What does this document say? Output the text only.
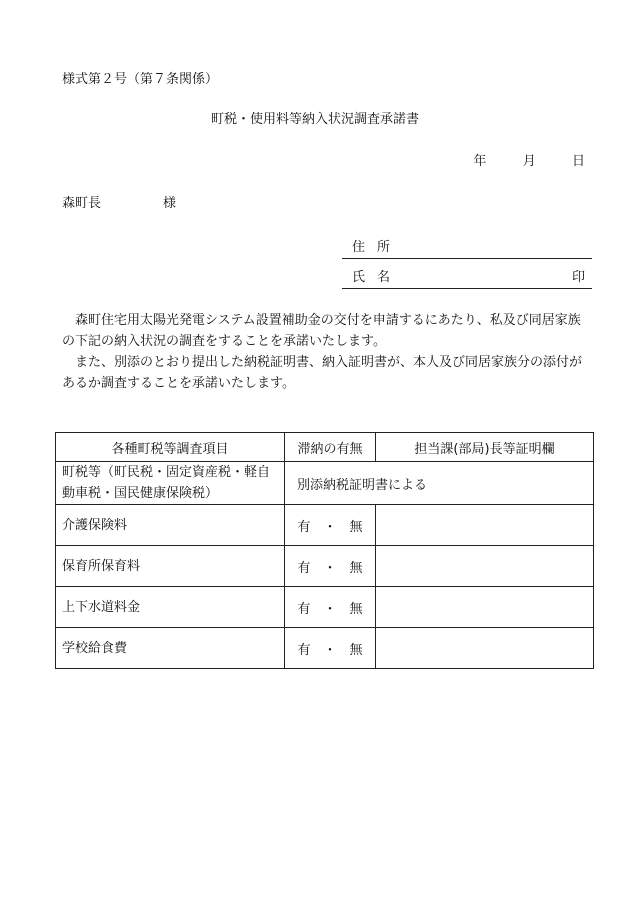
様式第２号（第７条関係）
町税・使用料等納入状況調査承諾書
年	月	日
森町長	様
住所
氏名	印
森町住宅用太陽光発電システム設置補助金の交付を申請するにあたり、私及び同居家族の下記の納入状況の調査をすることを承諾いたします。
また、別添のとおり提出した納税証明書、納入証明書が、本人及び同居家族分の添付があるか調査することを承諾いたします。
各種町税等調査項目	滞納の有無	担当課(部局)長等証明欄
町税等（町民税・固定資産税・軽自動車税・国民健康保険税）	別添納税証明書による	
介護保険料	有　・　無	
保育所保育料	有　・　無	
上下水道料金	有　・　無	
学校給食費	有　・　無	
